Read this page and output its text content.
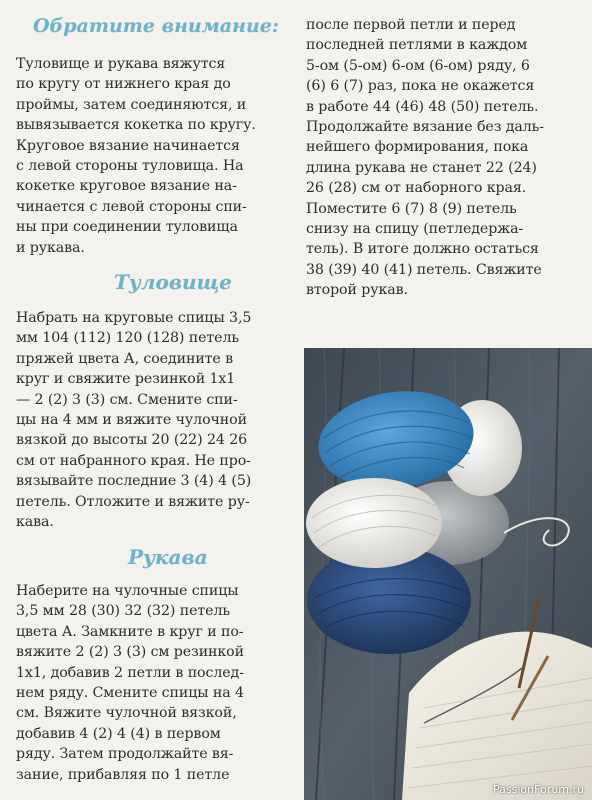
Обратите внимание:

Туловище и рукава вяжутся
по кругу от нижнего края до
проймы, затем соединяются, и
вывязывается кокетка по кругу.
Круговое вязание начинается
с левой стороны туловища. На
кокетке круговое вязание на-
чинается с левой стороны спи-
ны при соединении туловища
и рукава.

Туловище

Набрать на круговые спицы 3,5
мм 104 (112) 120 (128) петель
пряжей цвета А, соедините в
круг и свяжите резинкой 1x1
— 2 (2) 3 (3) см. Смените спи-
цы на 4 мм и вяжите чулочной
вязкой до высоты 20 (22) 24 26
см от набранного края. Не про-
вязывайте последние 3 (4) 4 (5)
петель. Отложите и вяжите ру-
кава.

Рукава

Наберите на чулочные спицы
3,5 мм 28 (30) 32 (32) петель
цвета А. Замкните в круг и по-
вяжите 2 (2) 3 (3) см резинкой
1x1, добавив 2 петли в послед-
нем ряду. Смените спицы на 4
см. Вяжите чулочной вязкой,
добавив 4 (2) 4 (4) в первом
ряду. Затем продолжайте вя-
зание, прибавляя по 1 петле

после первой петли и перед
последней петлями в каждом
5-ом (5-ом) 6-ом (6-ом) ряду, 6
(6) 6 (7) раз, пока не окажется
в работе 44 (46) 48 (50) петель.
Продолжайте вязание без даль-
нейшего формирования, пока
длина рукава не станет 22 (24)
26 (28) см от наборного края.
Поместите 6 (7) 8 (9) петель
снизу на спицу (петледержа-
тель). В итоге должно остаться
38 (39) 40 (41) петель. Свяжите
второй рукав.

PassionForum.ru
